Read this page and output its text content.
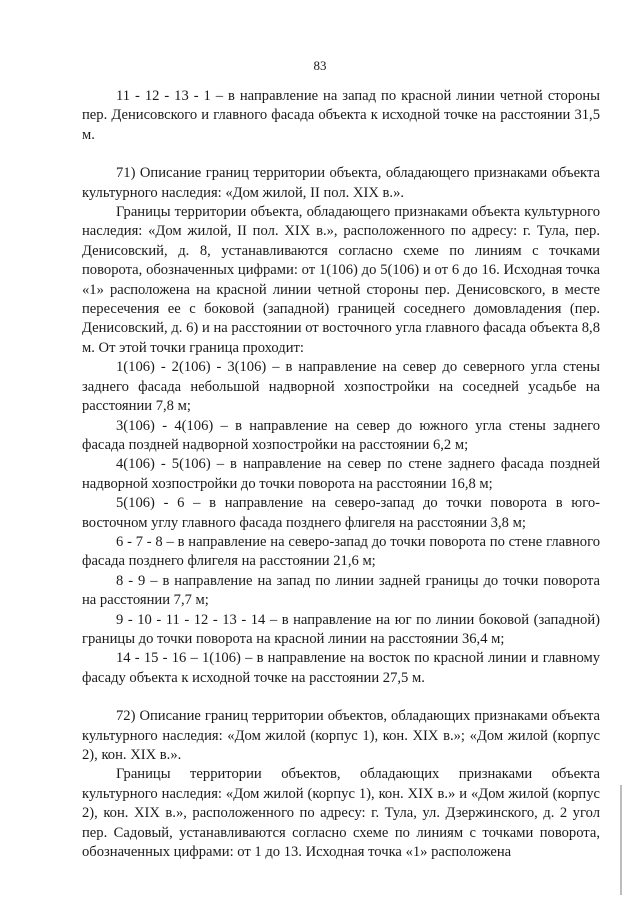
83

11 - 12 - 13 - 1 – в направление на запад по красной линии четной стороны пер. Денисовского и главного фасада объекта к исходной точке на расстоянии 31,5 м.

71) Описание границ территории объекта, обладающего признаками объекта культурного наследия: «Дом жилой, II пол. XIX в.».

Границы территории объекта, обладающего признаками объекта культурного наследия: «Дом жилой, II пол. XIX в.», расположенного по адресу: г. Тула, пер. Денисовский, д. 8, устанавливаются согласно схеме по линиям с точками поворота, обозначенных цифрами: от 1(106) до 5(106) и от 6 до 16. Исходная точка «1» расположена на красной линии четной стороны пер. Денисовского, в месте пересечения ее с боковой (западной) границей соседнего домовладения (пер. Денисовский, д. 6) и на расстоянии от восточного угла главного фасада объекта 8,8 м. От этой точки граница проходит:

1(106) - 2(106) - 3(106) – в направление на север до северного угла стены заднего фасада небольшой надворной хозпостройки на соседней усадьбе на расстоянии 7,8 м;

3(106) - 4(106) – в направление на север до южного угла стены заднего фасада поздней надворной хозпостройки на расстоянии 6,2 м;

4(106) - 5(106) – в направление на север по стене заднего фасада поздней надворной хозпостройки до точки поворота на расстоянии 16,8 м;

5(106) - 6 – в направление на северо-запад до точки поворота в юго-восточном углу главного фасада позднего флигеля на расстоянии 3,8 м;

6 - 7 - 8 – в направление на северо-запад до точки поворота по стене главного фасада позднего флигеля на расстоянии 21,6 м;

8 - 9 – в направление на запад по линии задней границы до точки поворота на расстоянии 7,7 м;

9 - 10 - 11 - 12 - 13 - 14 – в направление на юг по линии боковой (западной) границы до точки поворота на красной линии на расстоянии 36,4 м;

14 - 15 - 16 – 1(106) – в направление на восток по красной линии и главному фасаду объекта к исходной точке на расстоянии 27,5 м.

72) Описание границ территории объектов, обладающих признаками объекта культурного наследия: «Дом жилой (корпус 1), кон. XIX в.»; «Дом жилой (корпус 2), кон. XIX в.».

Границы территории объектов, обладающих признаками объекта культурного наследия: «Дом жилой (корпус 1), кон. XIX в.» и «Дом жилой (корпус 2), кон. XIX в.», расположенного по адресу: г. Тула, ул. Дзержинского, д. 2 угол пер. Садовый, устанавливаются согласно схеме по линиям с точками поворота, обозначенных цифрами: от 1 до 13. Исходная точка «1» расположена
